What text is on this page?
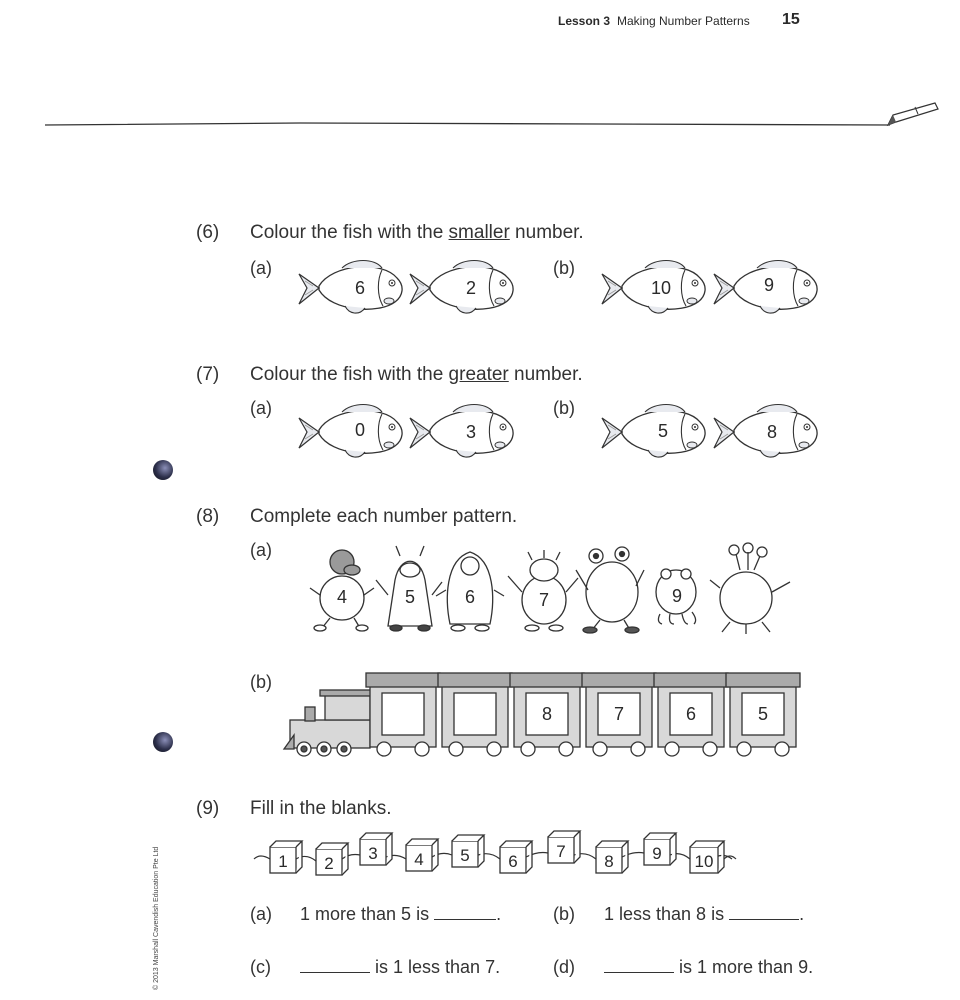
Lesson 3 Making Number Patterns 15
(6) Colour the fish with the smaller number.
(a)	(b)
6	2	10	9
(7) Colour the fish with the greater number.
(a)	(b)
0	3	5	8
(8) Complete each number pattern.
(a)
4	5	6	7	9
(b)
8	7	6	5
(9) Fill in the blanks.
1	2
3	4	5	6
7
8	9	10
(a) 1 more than 5 is	.	(b) 1 less than 8 is	.
(c)	is 1 less than 7.	(d)	is 1 more than 9.
© 2013 Marshall Cavendish Education Pte Ltd
